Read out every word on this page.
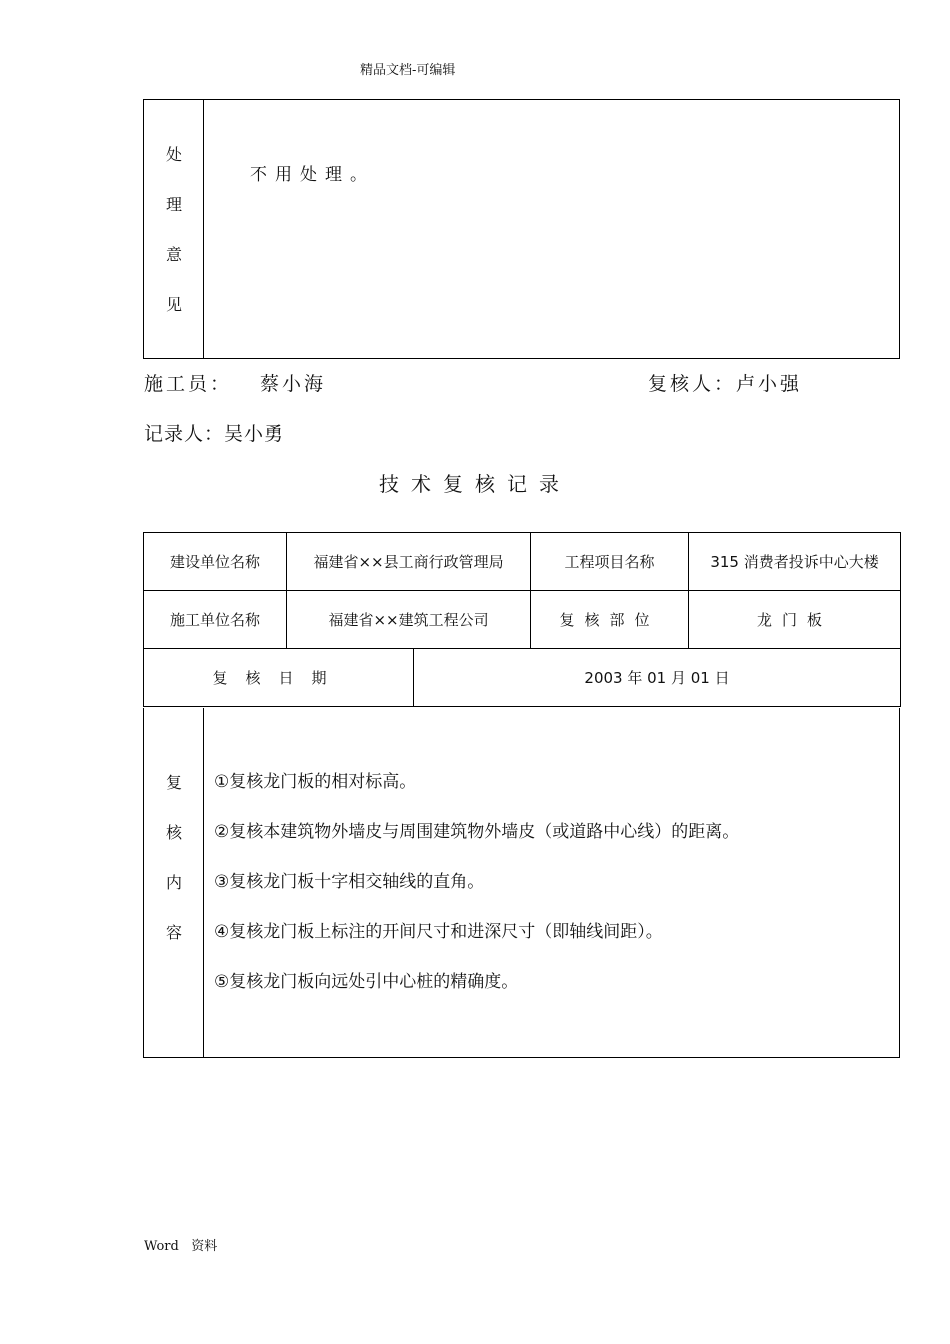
精品文档-可编辑
处
理
意
见
不用处理。
施工员： 蔡小海	复核人：卢小强
记录人：吴小勇
技术复核记录
建设单位名称	福建省××县工商行政管理局		工程项目名称	315 消费者投诉中心大楼
施工单位名称	福建省××建筑工程公司		复核部位	龙门板
复核日期		2003 年 01 月 01 日		
复
核
内
容
①复核龙门板的相对标高。
②复核本建筑物外墙皮与周围建筑物外墙皮（或道路中心线）的距离。
③复核龙门板十字相交轴线的直角。
④复核龙门板上标注的开间尺寸和进深尺寸（即轴线间距）。
⑤复核龙门板向远处引中心桩的精确度。
Word   资料
